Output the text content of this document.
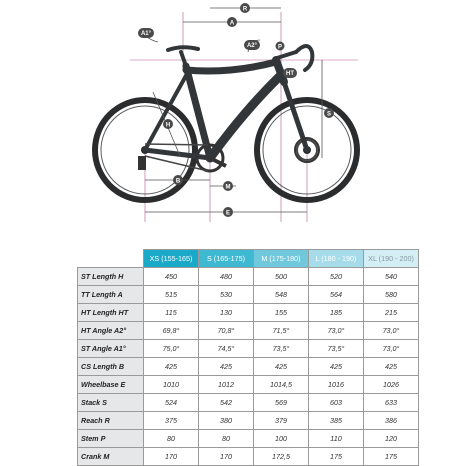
R
A
A1°
A2°	P
HT
H
S
B
M
E
	XS (155-165)	S (165-175)	M (175-180)	L (180 - 190)	XL (190 - 200)
ST Length H	450	480	500	520	540
TT Length A	515	530	548	564	580
HT Length HT	115	130	155	185	215
HT Angle A2°	69,8°	70,8°	71,5°	73,0°	73,0°
ST Angle A1°	75,0°	74,5°	73,5°	73,5°	73,0°
CS Length B	425	425	425	425	425
Wheelbase E	1010	1012	1014,5	1016	1026
Stack S	524	542	569	603	633
Reach R	375	380	379	385	386
Stem P	80	80	100	110	120
Crank M	170	170	172,5	175	175
